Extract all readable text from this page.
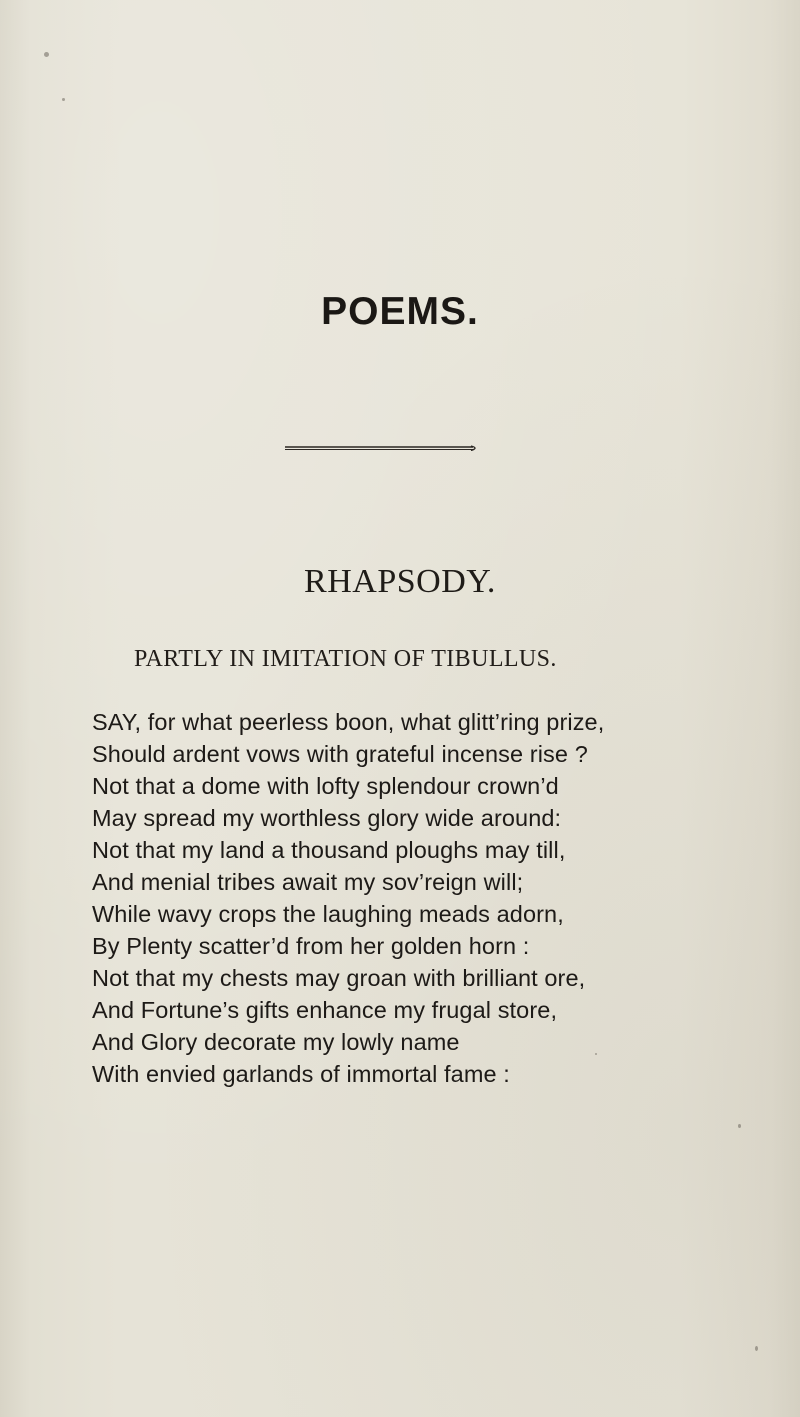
POEMS.
RHAPSODY.
PARTLY IN IMITATION OF TIBULLUS.
SAY, for what peerless boon, what glitt’ring prize,
Should ardent vows with grateful incense rise ?
Not that a dome with lofty splendour crown’d
May spread my worthless glory wide around:
Not that my land a thousand ploughs may till,
And menial tribes await my sov’reign will;
While wavy crops the laughing meads adorn,
By Plenty scatter’d from her golden horn :
Not that my chests may groan with brilliant ore,
And Fortune’s gifts enhance my frugal store,
And Glory decorate my lowly name
With envied garlands of immortal fame :
